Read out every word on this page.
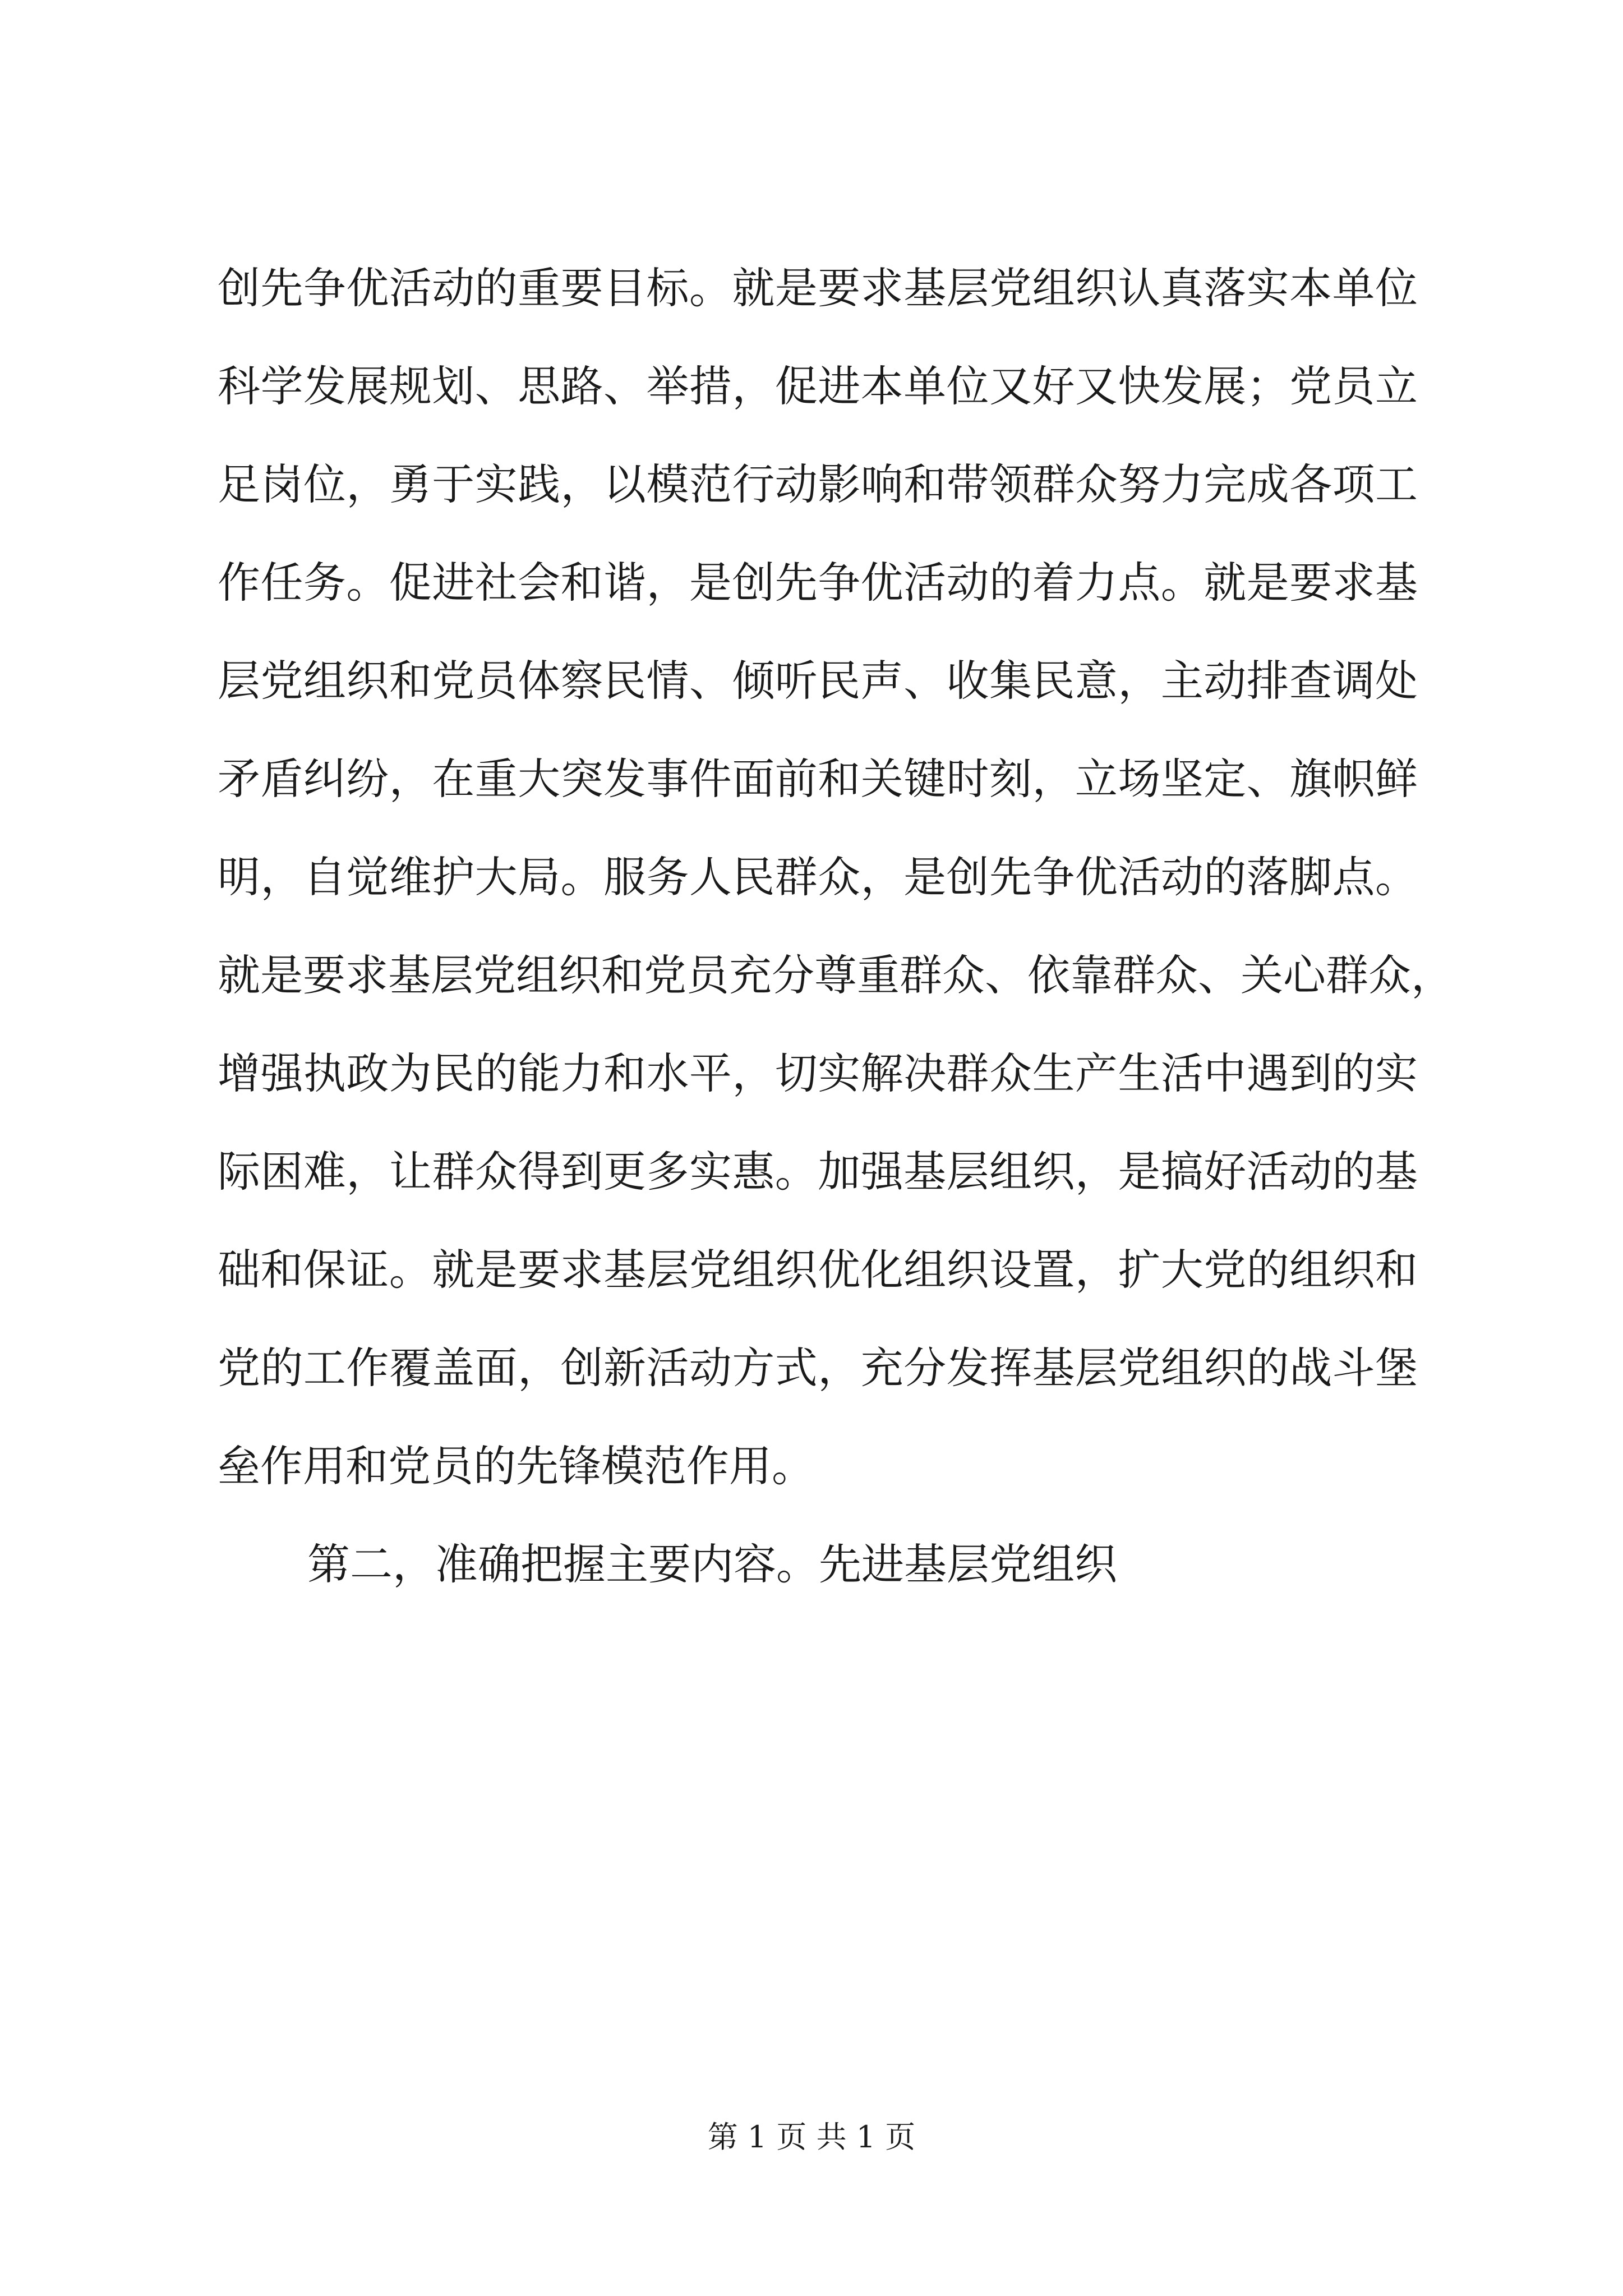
创先争优活动的重要目标。就是要求基层党组织认真落实本单位
科学发展规划、思路、举措，促进本单位又好又快发展；党员立
足岗位，勇于实践，以模范行动影响和带领群众努力完成各项工
作任务。促进社会和谐，是创先争优活动的着力点。就是要求基
层党组织和党员体察民情、倾听民声、收集民意，主动排查调处
矛盾纠纷，在重大突发事件面前和关键时刻，立场坚定、旗帜鲜
明，自觉维护大局。服务人民群众，是创先争优活动的落脚点。
就是要求基层党组织和党员充分尊重群众、依靠群众、关心群众，
增强执政为民的能力和水平，切实解决群众生产生活中遇到的实
际困难，让群众得到更多实惠。加强基层组织，是搞好活动的基
础和保证。就是要求基层党组织优化组织设置，扩大党的组织和
党的工作覆盖面，创新活动方式，充分发挥基层党组织的战斗堡
垒作用和党员的先锋模范作用。
第二，准确把握主要内容。先进基层党组织
第 1 页 共 1 页
